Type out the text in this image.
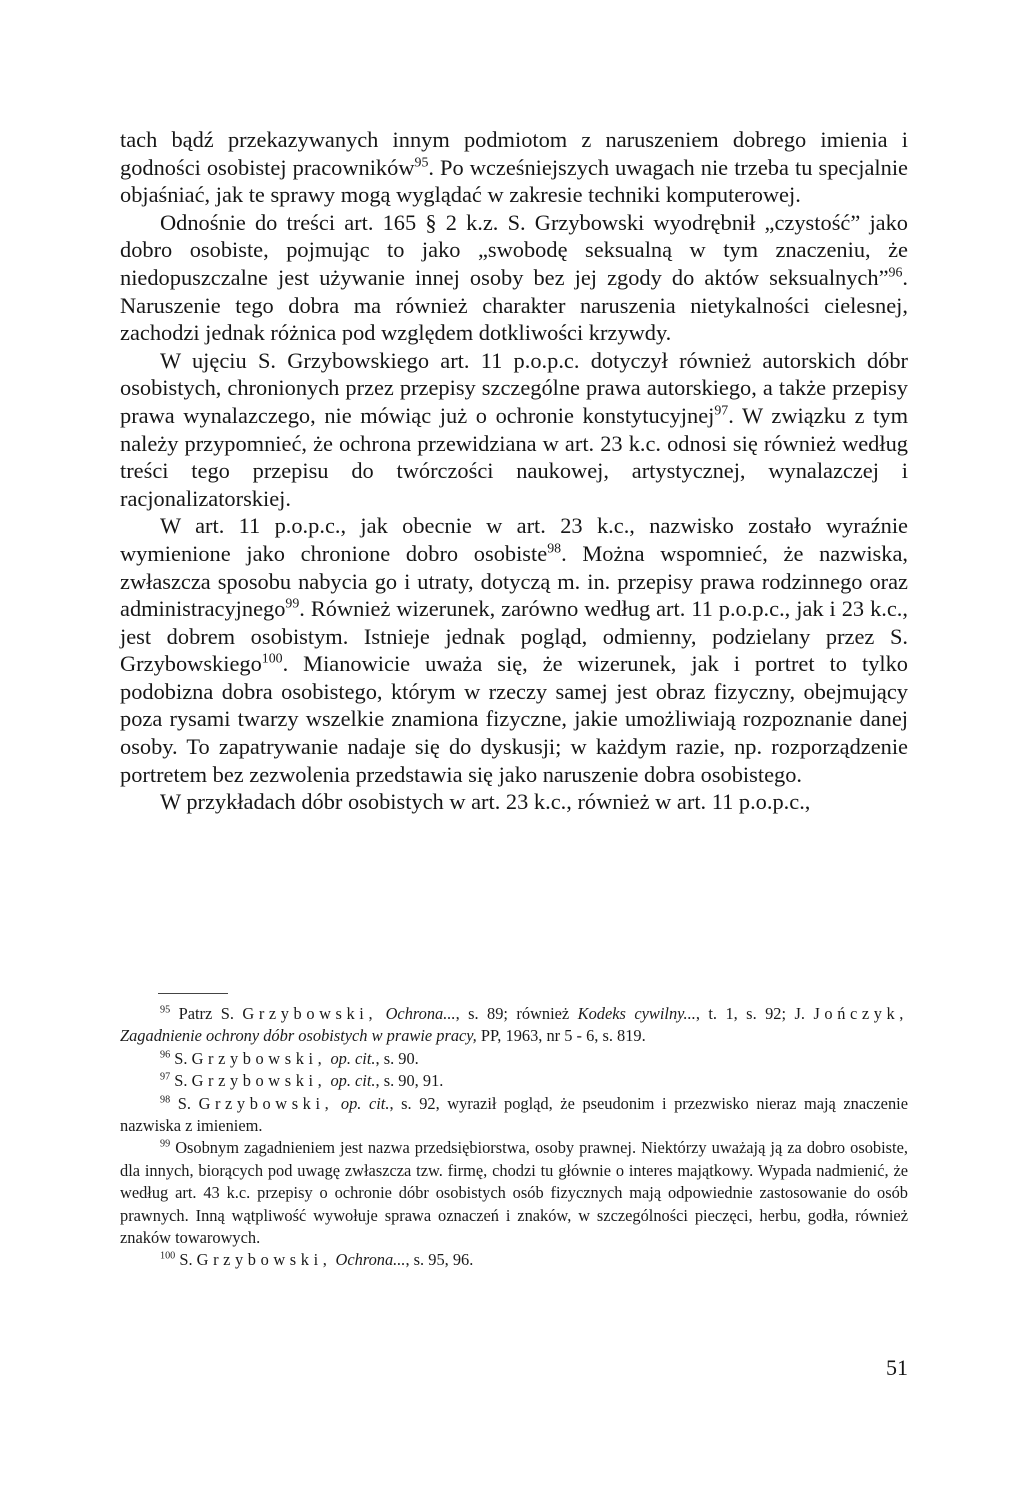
tach bądź przekazywanych innym podmiotom z naruszeniem dobrego imienia i godności osobistej pracowników$^{95}$. Po wcześniejszych uwagach nie trzeba tu specjalnie objaśniać, jak te sprawy mogą wyglądać w zakresie techniki komputerowej.

Odnośnie do treści art. 165 § 2 k.z. S. Grzybowski wyodrębnił „czystość” jako dobro osobiste, pojmując to jako „swobodę seksualną w tym znaczeniu, że niedopuszczalne jest używanie innej osoby bez jej zgody do aktów seksualnych”$^{96}$. Naruszenie tego dobra ma również charakter naruszenia nietykalności cielesnej, zachodzi jednak różnica pod względem dotkliwości krzywdy.

W ujęciu S. Grzybowskiego art. 11 p.o.p.c. dotyczył również autorskich dóbr osobistych, chronionych przez przepisy szczególne prawa autorskiego, a także przepisy prawa wynalazczego, nie mówiąc już o ochronie konstytucyjnej$^{97}$. W związku z tym należy przypomnieć, że ochrona przewidziana w art. 23 k.c. odnosi się również według treści tego przepisu do twórczości naukowej, artystycznej, wynalazczej i racjonalizatorskiej.

W art. 11 p.o.p.c., jak obecnie w art. 23 k.c., nazwisko zostało wyraźnie wymienione jako chronione dobro osobiste$^{98}$. Można wspomnieć, że nazwiska, zwłaszcza sposobu nabycia go i utraty, dotyczą m. in. przepisy prawa rodzinnego oraz administracyjnego$^{99}$. Również wizerunek, zarówno według art. 11 p.o.p.c., jak i 23 k.c., jest dobrem osobistym. Istnieje jednak pogląd, odmienny, podzielany przez S. Grzybowskiego$^{100}$. Mianowicie uważa się, że wizerunek, jak i portret to tylko podobizna dobra osobistego, którym w rzeczy samej jest obraz fizyczny, obejmujący poza rysami twarzy wszelkie znamiona fizyczne, jakie umożliwiają rozpoznanie danej osoby. To zapatrywanie nadaje się do dyskusji; w każdym razie, np. rozporządzenie portretem bez zezwolenia przedstawia się jako naruszenie dobra osobistego.

W przykładach dóbr osobistych w art. 23 k.c., również w art. 11 p.o.p.c.,

$^{95}$ Patrz S. Grzybowski, Ochrona..., s. 89; również Kodeks cywilny..., t. 1, s. 92; J. Jończyk, Zagadnienie ochrony dóbr osobistych w prawie pracy, PP, 1963, nr 5 - 6, s. 819.

$^{96}$ S. Grzybowski, op. cit., s. 90.

$^{97}$ S. Grzybowski, op. cit., s. 90, 91.

$^{98}$ S. Grzybowski, op. cit., s. 92, wyraził pogląd, że pseudonim i przezwisko nieraz mają znaczenie nazwiska z imieniem.

$^{99}$ Osobnym zagadnieniem jest nazwa przedsiębiorstwa, osoby prawnej. Niektórzy uważają ją za dobro osobiste, dla innych, biorących pod uwagę zwłaszcza tzw. firmę, chodzi tu głównie o interes majątkowy. Wypada nadmienić, że według art. 43 k.c. przepisy o ochronie dóbr osobistych osób fizycznych mają odpowiednie zastosowanie do osób prawnych. Inną wątpliwość wywołuje sprawa oznaczeń i znaków, w szczególności pieczęci, herbu, godła, również znaków towarowych.

$^{100}$ S. Grzybowski, Ochrona..., s. 95, 96.

51
